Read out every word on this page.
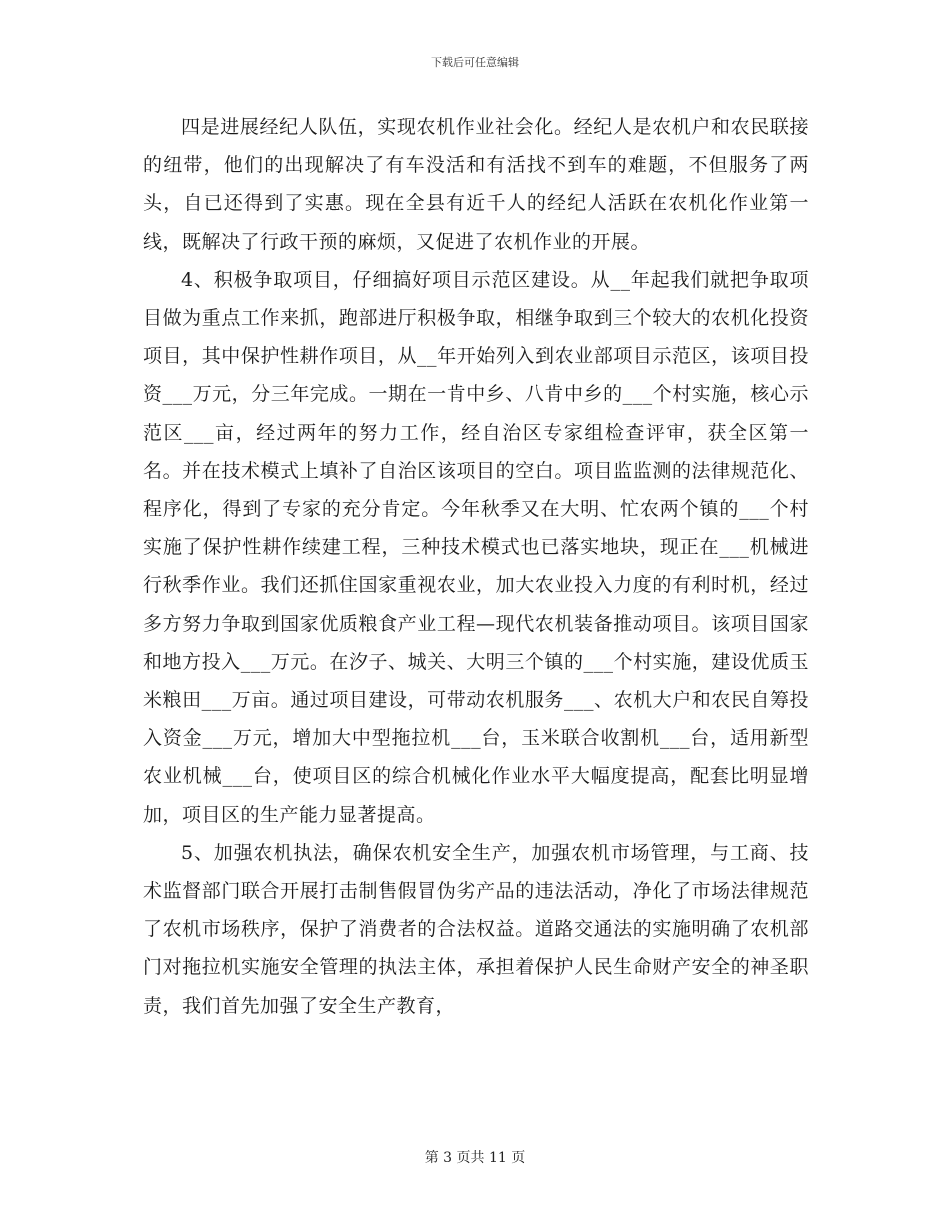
下载后可任意编辑

四是进展经纪人队伍，实现农机作业社会化。经纪人是农机户和农民联接的纽带，他们的出现解决了有车没活和有活找不到车的难题，不但服务了两头，自已还得到了实惠。现在全县有近千人的经纪人活跃在农机化作业第一线，既解决了行政干预的麻烦，又促进了农机作业的开展。

4、积极争取项目，仔细搞好项目示范区建设。从__年起我们就把争取项目做为重点工作来抓，跑部进厅积极争取，相继争取到三个较大的农机化投资项目，其中保护性耕作项目，从__年开始列入到农业部项目示范区，该项目投资___万元，分三年完成。一期在一肯中乡、八肯中乡的___个村实施，核心示范区___亩，经过两年的努力工作，经自治区专家组检查评审，获全区第一名。并在技术模式上填补了自治区该项目的空白。项目监监测的法律规范化、程序化，得到了专家的充分肯定。今年秋季又在大明、忙农两个镇的___个村实施了保护性耕作续建工程，三种技术模式也已落实地块，现正在___机械进行秋季作业。我们还抓住国家重视农业，加大农业投入力度的有利时机，经过多方努力争取到国家优质粮食产业工程—现代农机装备推动项目。该项目国家和地方投入___万元。在汐子、城关、大明三个镇的___个村实施，建设优质玉米粮田___万亩。通过项目建设，可带动农机服务___、农机大户和农民自筹投入资金___万元，增加大中型拖拉机___台，玉米联合收割机___台，适用新型农业机械___台，使项目区的综合机械化作业水平大幅度提高，配套比明显增加，项目区的生产能力显著提高。

5、加强农机执法，确保农机安全生产，加强农机市场管理，与工商、技术监督部门联合开展打击制售假冒伪劣产品的违法活动，净化了市场法律规范了农机市场秩序，保护了消费者的合法权益。道路交通法的实施明确了农机部门对拖拉机实施安全管理的执法主体，承担着保护人民生命财产安全的神圣职责，我们首先加强了安全生产教育，

第 3 页共 11 页
